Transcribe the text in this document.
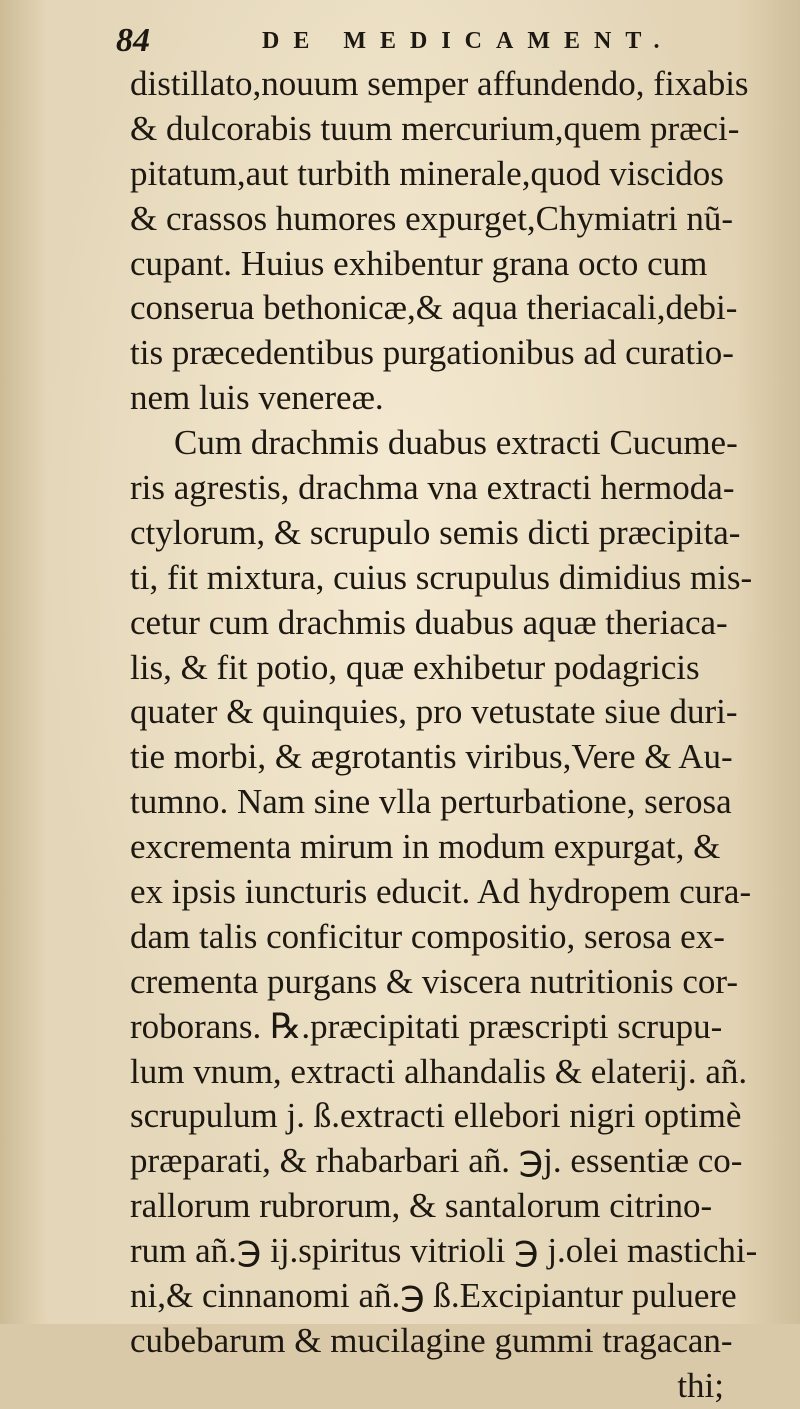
84	DE MEDICAMENT.
distillato,nouum semper affundendo, fixabis
& dulcorabis tuum mercurium,quem præci-
pitatum,aut turbith minerale,quod viscidos
& crassos humores expurget,Chymiatri nũ-
cupant. Huius exhibentur grana octo cum
conserua bethonicæ,& aqua theriacali,debi-
tis præcedentibus purgationibus ad curatio-
nem luis venereæ.
Cum drachmis duabus extracti Cucume-
ris agrestis, drachma vna extracti hermoda-
ctylorum, & scrupulo semis dicti præcipita-
ti, fit mixtura, cuius scrupulus dimidius mis-
cetur cum drachmis duabus aquæ theriaca-
lis, & fit potio, quæ exhibetur podagricis
quater & quinquies, pro vetustate siue duri-
tie morbi, & ægrotantis viribus,Vere & Au-
tumno. Nam sine vlla perturbatione, serosa
excrementa mirum in modum expurgat, &
ex ipsis iuncturis educit. Ad hydropem cura-
dam talis conficitur compositio, serosa ex-
crementa purgans & viscera nutritionis cor-
roborans. ℞.præcipitati præscripti scrupu-
lum vnum, extracti alhandalis & elaterij. añ.
scrupulum j. ß.extracti ellebori nigri optimè
præparati, & rhabarbari añ. ℈j. essentiæ co-
rallorum rubrorum, & santalorum citrino-
rum añ.℈ ij.spiritus vitrioli ℈ j.olei mastichi-
ni,& cinnanomi añ.℈ ß.Excipiantur puluere
cubebarum & mucilagine gummi tragacan-
thi;
